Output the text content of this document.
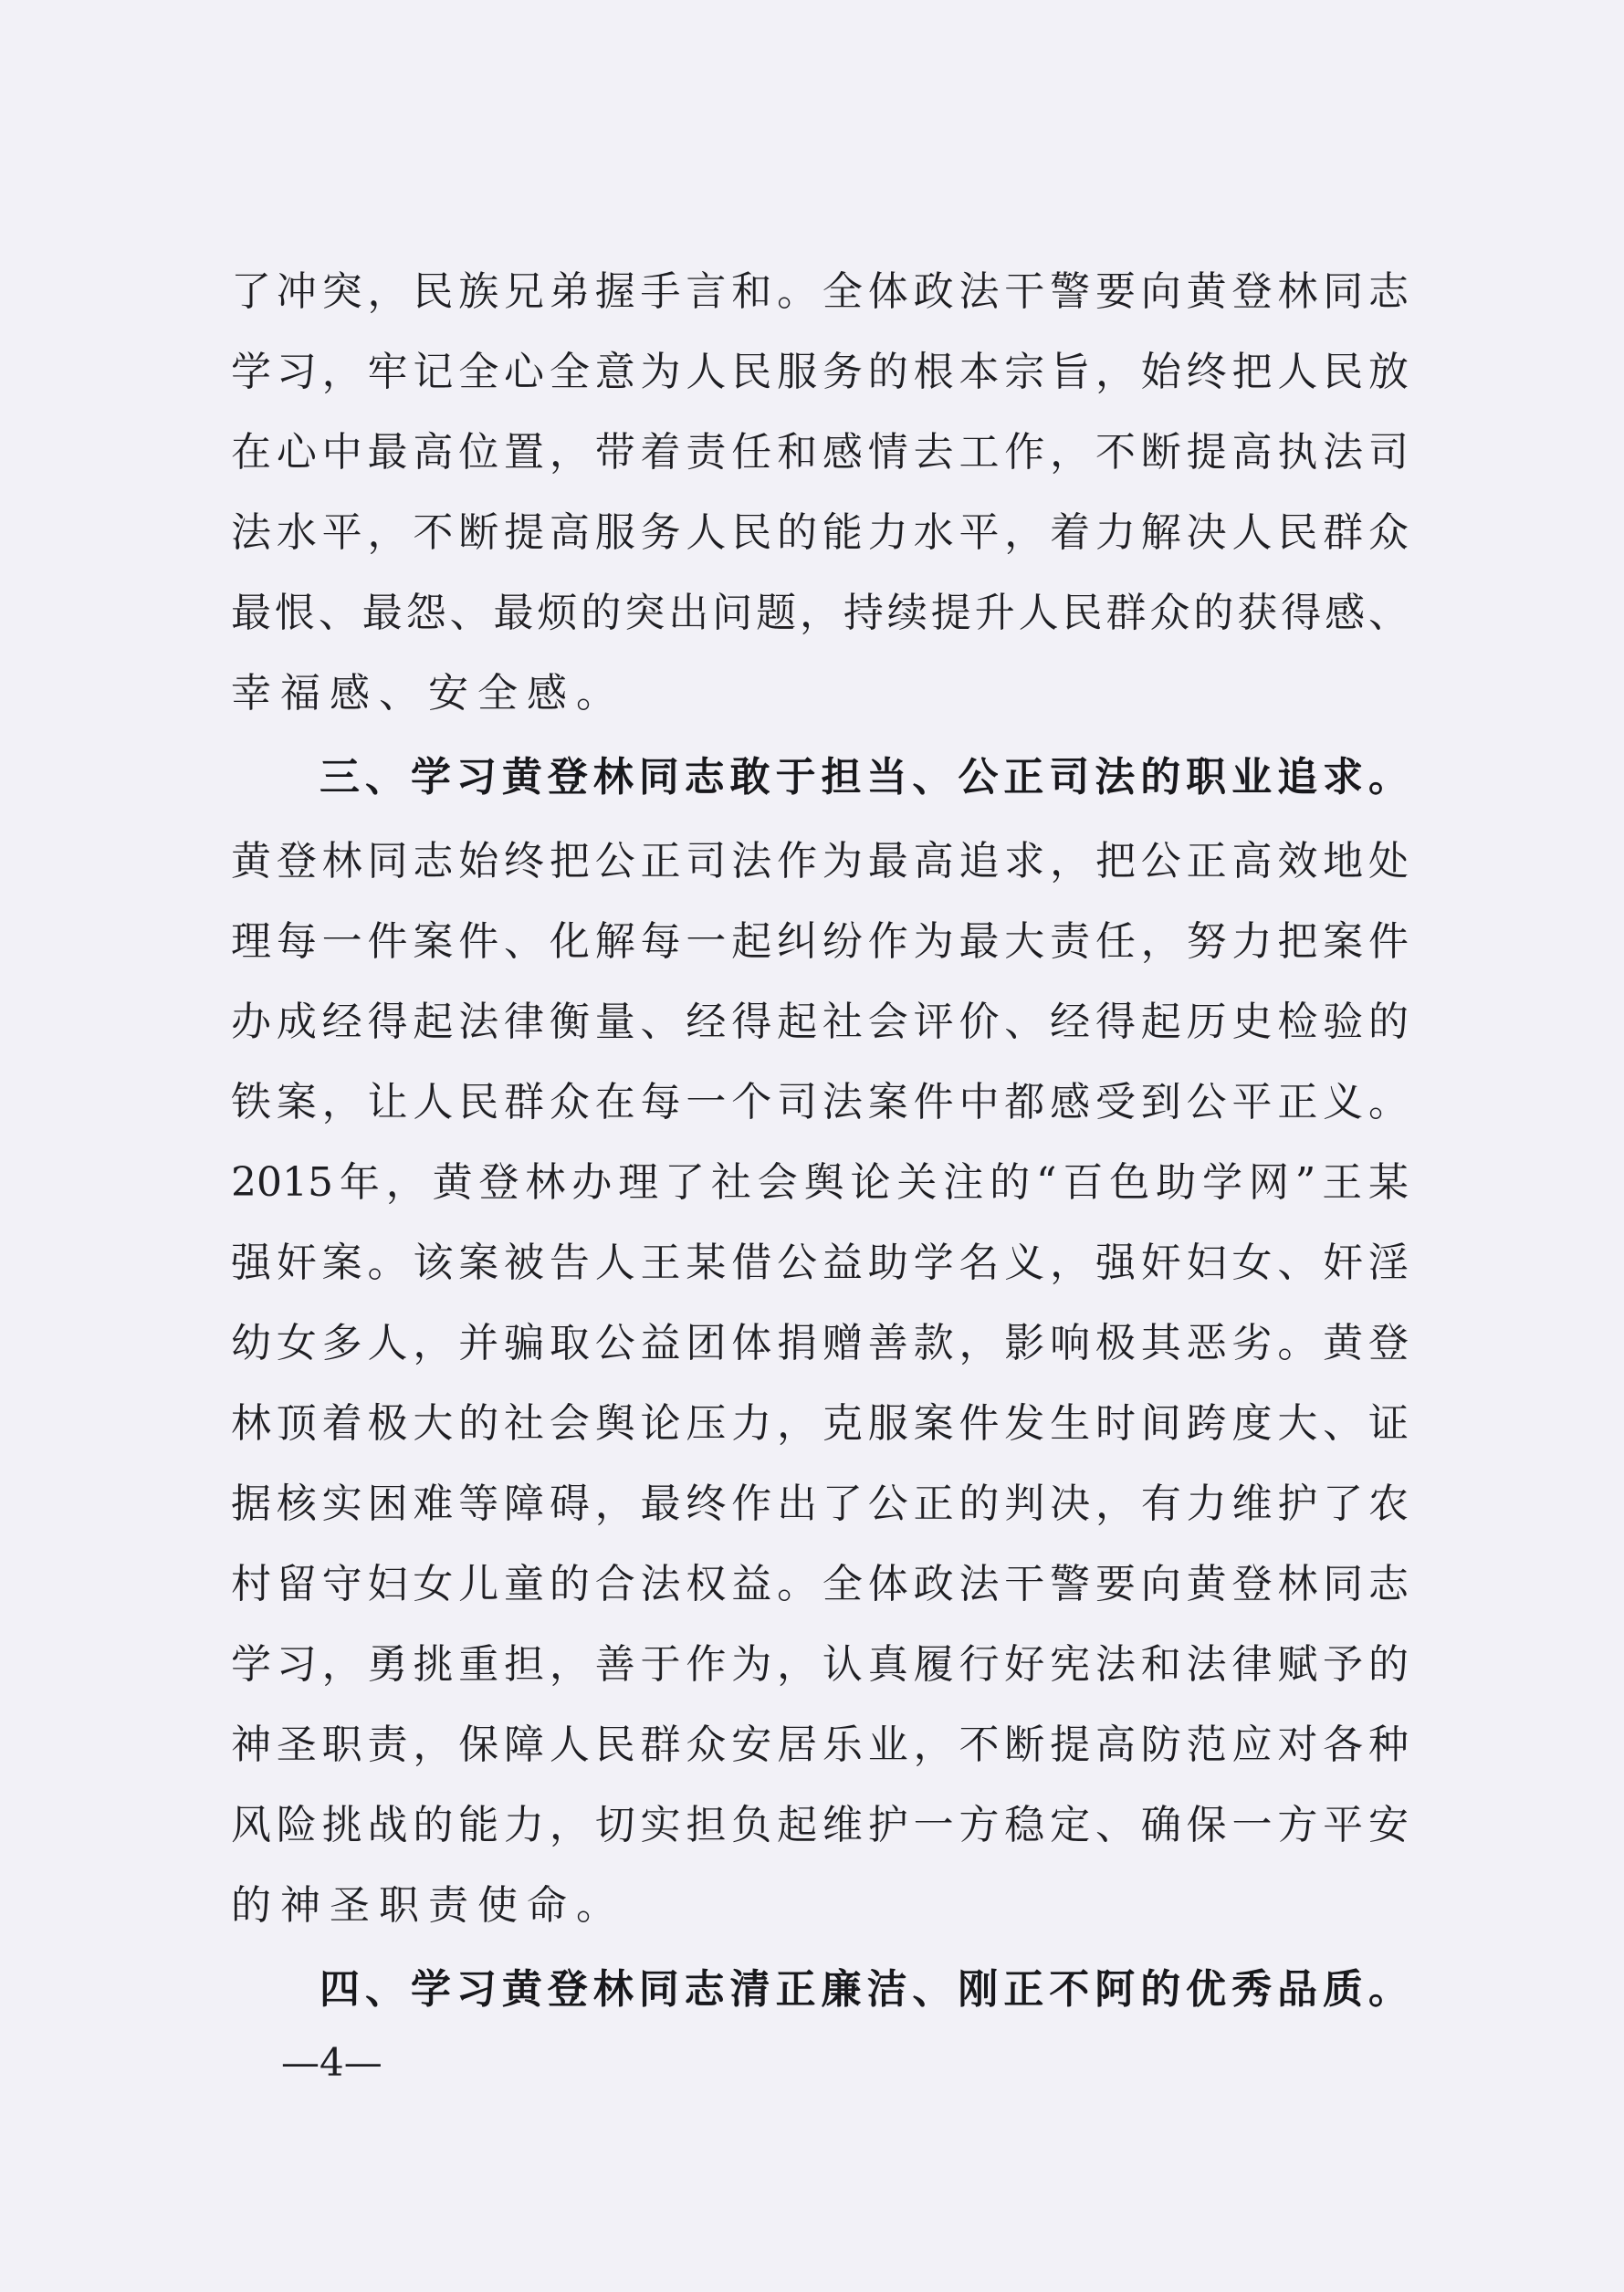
了冲突，民族兄弟握手言和。全体政法干警要向黄登林同志
学习，牢记全心全意为人民服务的根本宗旨，始终把人民放
在心中最高位置，带着责任和感情去工作，不断提高执法司
法水平，不断提高服务人民的能力水平，着力解决人民群众
最恨、最怨、最烦的突出问题，持续提升人民群众的获得感、
幸福感、安全感。
三、学习黄登林同志敢于担当、公正司法的职业追求。
黄登林同志始终把公正司法作为最高追求，把公正高效地处
理每一件案件、化解每一起纠纷作为最大责任，努力把案件
办成经得起法律衡量、经得起社会评价、经得起历史检验的
铁案，让人民群众在每一个司法案件中都感受到公平正义。
2015年，黄登林办理了社会舆论关注的“百色助学网”王某
强奸案。该案被告人王某借公益助学名义，强奸妇女、奸淫
幼女多人，并骗取公益团体捐赠善款，影响极其恶劣。黄登
林顶着极大的社会舆论压力，克服案件发生时间跨度大、证
据核实困难等障碍，最终作出了公正的判决，有力维护了农
村留守妇女儿童的合法权益。全体政法干警要向黄登林同志
学习，勇挑重担，善于作为，认真履行好宪法和法律赋予的
神圣职责，保障人民群众安居乐业，不断提高防范应对各种
风险挑战的能力，切实担负起维护一方稳定、确保一方平安
的神圣职责使命。
四、学习黄登林同志清正廉洁、刚正不阿的优秀品质。
—4—
